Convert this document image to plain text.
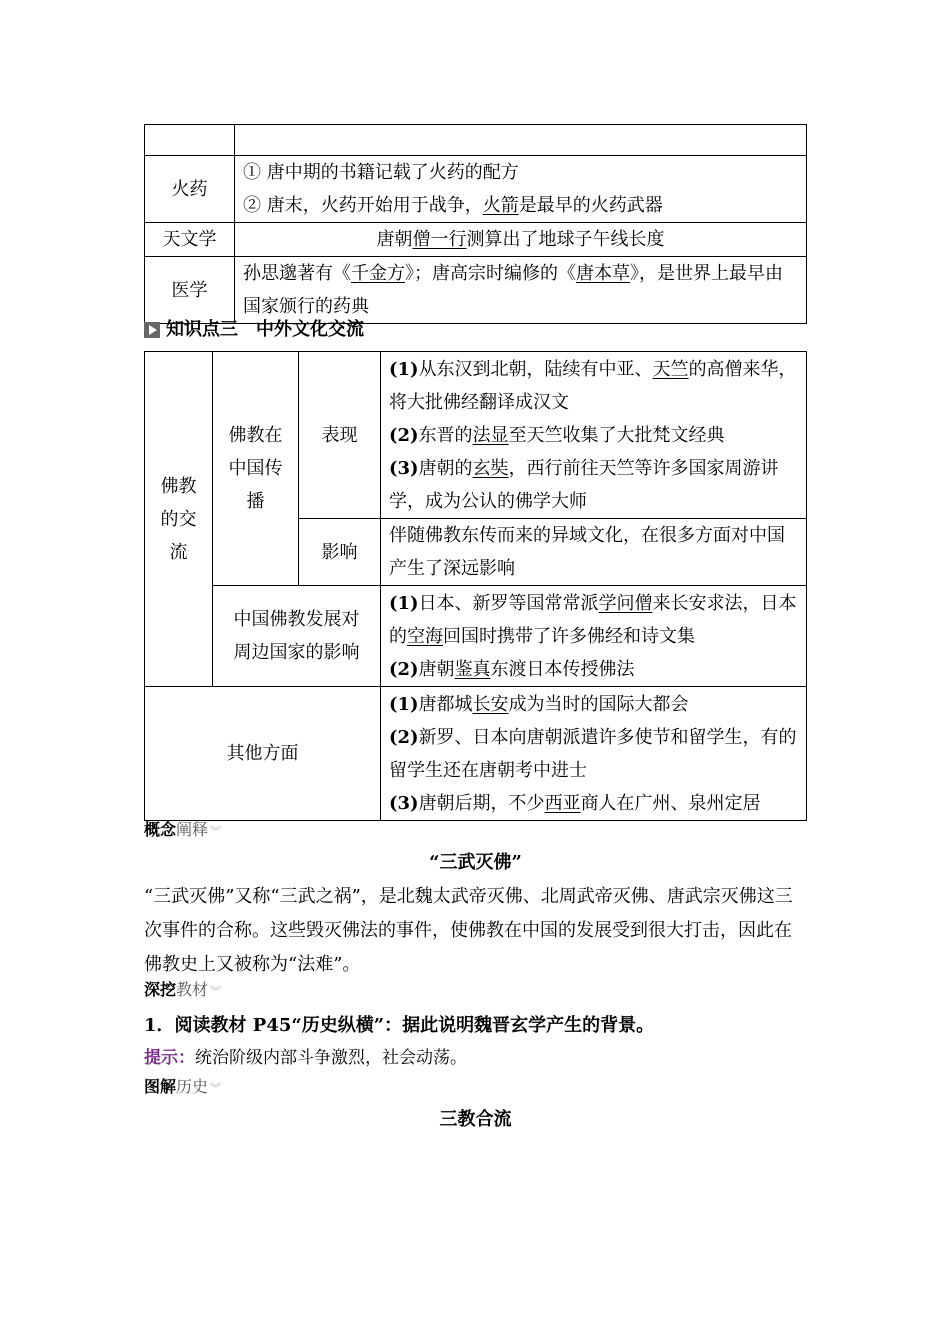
火药	① 唐中期的书籍记载了火药的配方
② 唐末，火药开始用于战争，火箭是最早的火药武器

天文学	唐朝僧一行测算出了地球子午线长度
医学	孙思邈著有《千金方》；唐高宗时编修的《唐本草》，是世界上最早由国家颁行的药典
知识点三　中外文化交流
佛教的交流	佛教在中国传播	表现	(1)从东汉到北朝，陆续有中亚、天竺的高僧来华，将大批佛经翻译成汉文
(2)东晋的法显至天竺收集了大批梵文经典
(3)唐朝的玄奘，西行前往天竺等许多国家周游讲学，成为公认的佛学大师

		影响	伴随佛教东传而来的异域文化，在很多方面对中国产生了深远影响
	中国佛教发展对周边国家的影响		(1)日本、新罗等国常常派学问僧来长安求法，日本的空海回国时携带了许多佛经和诗文集
(2)唐朝鉴真东渡日本传授佛法

其他方面			(1)唐都城长安成为当时的国际大都会
(2)新罗、日本向唐朝派遣许多使节和留学生，有的留学生还在唐朝考中进士
(3)唐朝后期，不少西亚商人在广州、泉州定居
概念阐释 ︾
“三武灭佛”
“三武灭佛”又称“三武之祸”，是北魏太武帝灭佛、北周武帝灭佛、唐武宗灭佛这三次事件的合称。这些毁灭佛法的事件，使佛教在中国的发展受到很大打击，因此在佛教史上又被称为“法难”。
深挖教材 ︾
1．阅读教材 P45“历史纵横”：据此说明魏晋玄学产生的背景。
提示：统治阶级内部斗争激烈，社会动荡。
图解历史 ︾
三教合流
